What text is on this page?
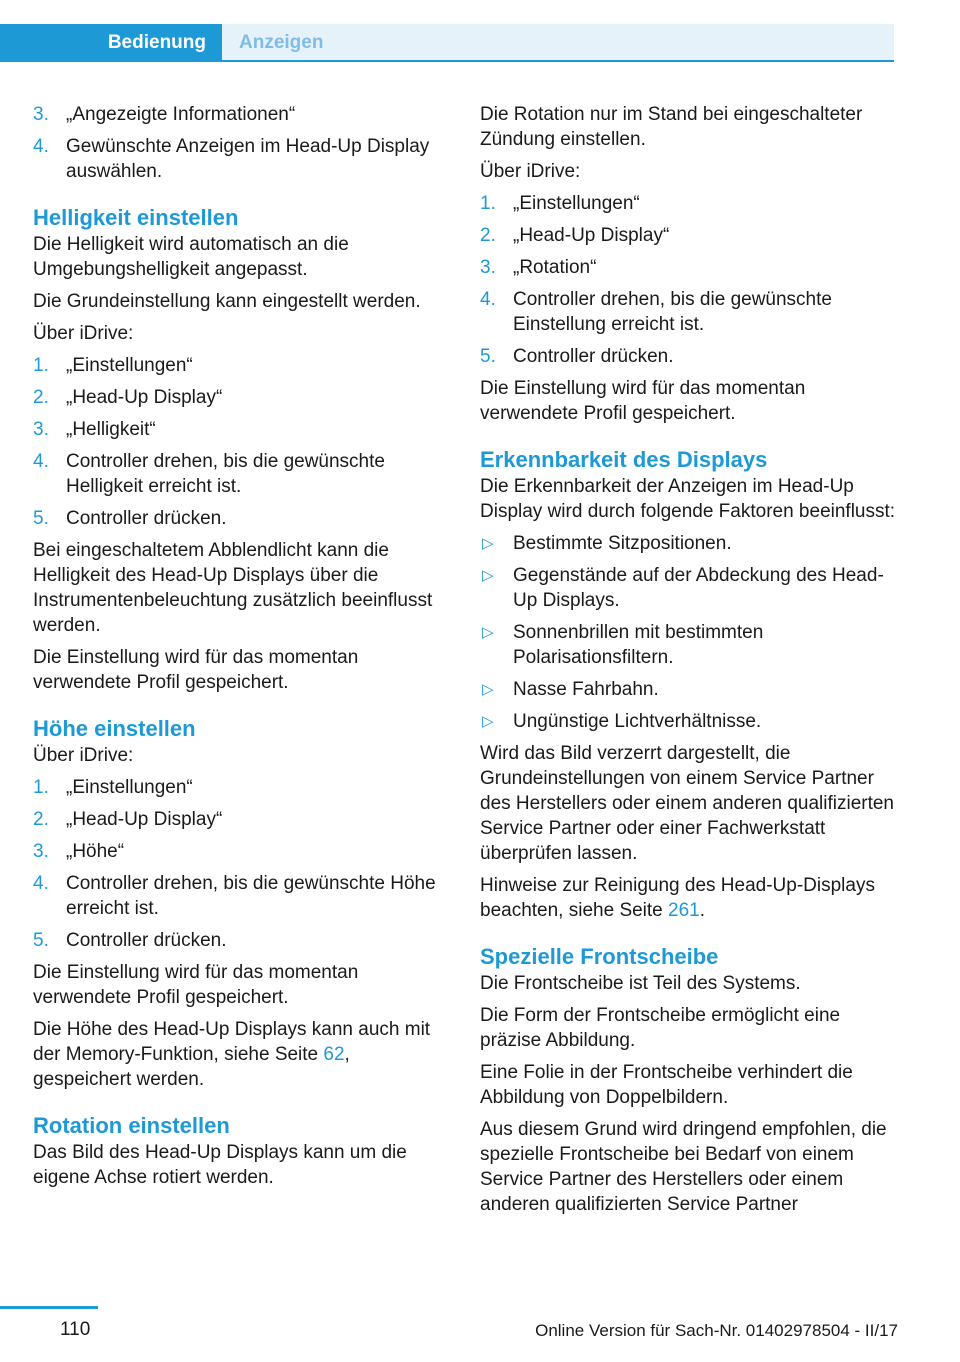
Bedienung	Anzeigen
3. „Angezeigte Informationen“
4. Gewünschte Anzeigen im Head-Up Display auswählen.
Helligkeit einstellen

Die Helligkeit wird automatisch an die Umgebungshelligkeit angepasst.

Die Grundeinstellung kann eingestellt werden.

Über iDrive:

1. „Einstellungen“
2. „Head-Up Display“
3. „Helligkeit“
4. Controller drehen, bis die gewünschte Helligkeit erreicht ist.
5. Controller drücken.

Bei eingeschaltetem Abblendlicht kann die Helligkeit des Head-Up Displays über die Instrumentenbeleuchtung zusätzlich beeinflusst werden.

Die Einstellung wird für das momentan verwendete Profil gespeichert.

Höhe einstellen

Über iDrive:

1. „Einstellungen“
2. „Head-Up Display“
3. „Höhe“
4. Controller drehen, bis die gewünschte Höhe erreicht ist.
5. Controller drücken.

Die Einstellung wird für das momentan verwendete Profil gespeichert.

Die Höhe des Head-Up Displays kann auch mit der Memory-Funktion, siehe Seite 62, gespeichert werden.

Rotation einstellen

Das Bild des Head-Up Displays kann um die eigene Achse rotiert werden.

Die Rotation nur im Stand bei eingeschalteter Zündung einstellen.

Über iDrive:

1. „Einstellungen“
2. „Head-Up Display“
3. „Rotation“
4. Controller drehen, bis die gewünschte Einstellung erreicht ist.
5. Controller drücken.

Die Einstellung wird für das momentan verwendete Profil gespeichert.

Erkennbarkeit des Displays

Die Erkennbarkeit der Anzeigen im Head-Up Display wird durch folgende Faktoren beeinflusst:

▷ Bestimmte Sitzpositionen.
▷ Gegenstände auf der Abdeckung des Head-Up Displays.
▷ Sonnenbrillen mit bestimmten Polarisationsfiltern.
▷ Nasse Fahrbahn.
▷ Ungünstige Lichtverhältnisse.

Wird das Bild verzerrt dargestellt, die Grundeinstellungen von einem Service Partner des Herstellers oder einem anderen qualifizierten Service Partner oder einer Fachwerkstatt überprüfen lassen.

Hinweise zur Reinigung des Head-Up-Displays beachten, siehe Seite 261.

Spezielle Frontscheibe

Die Frontscheibe ist Teil des Systems.

Die Form der Frontscheibe ermöglicht eine präzise Abbildung.

Eine Folie in der Frontscheibe verhindert die Abbildung von Doppelbildern.

Aus diesem Grund wird dringend empfohlen, die spezielle Frontscheibe bei Bedarf von einem Service Partner des Herstellers oder einem anderen qualifizierten Service Partner

110	Online Version für Sach-Nr. 01402978504 - II/17
